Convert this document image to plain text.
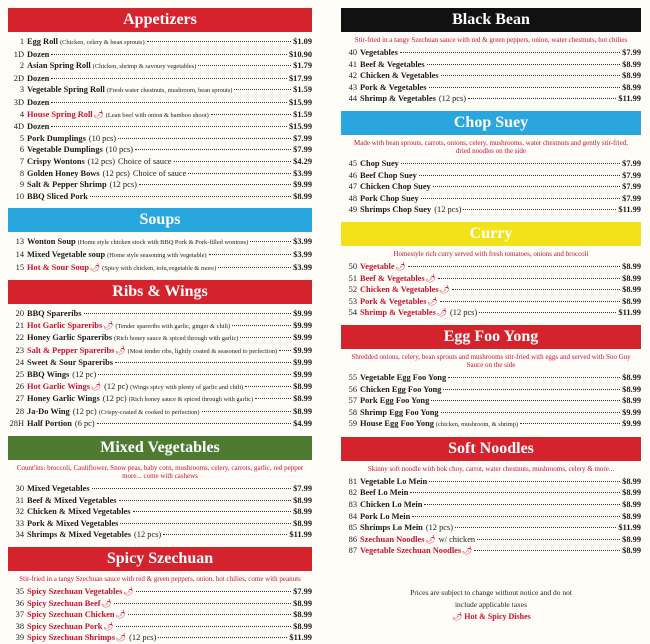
Appetizers
1 Egg Roll (Chicken, celery & bean sprouts)	$1.09
1D Dozen	$10.90
2 Asian Spring Roll (Chicken, shrimp & savoury vegetables)	$1.79
2D Dozen	$17.99
3 Vegetable Spring Roll (Fresh water chestnuts, mushroom, bean sprouts)	$1.59
3D Dozen	$15.99
4 House Spring Roll 🌶 (Lean beef with onion & bamboo shoot)	$1.59
4D Dozen	$15.99
5 Pork Dumplings (10 pcs)	$7.99
6 Vegetable Dumplings (10 pcs)	$7.99
7 Crispy Wontons (12 pcs) Choice of sauce	$4.29
8 Golden Honey Bows (12 pcs) Choice of sauce	$3.99
9 Salt & Pepper Shrimp (12 pcs)	$9.99
10 BBQ Sliced Pork	$8.99
Soups
13 Wonton Soup (Home style chicken stock with BBQ Pork & Pork-filled wontons)	$3.99
14 Mixed Vegetable soup (Home style seasoning with vegetable)	$3.99
15 Hot & Sour Soup 🌶 (Spicy with chicken, tofu,vegetable & more)	$3.99
Ribs & Wings
20 BBQ Spareribs	$9.99
21 Hot Garlic Spareribs 🌶 (Tender spareribs with garlic, ginger & chili)	$9.99
22 Honey Garlic Spareribs (Rich honey sauce & spiced through with garlic)	$9.99
23 Salt & Pepper Spareribs 🌶 (Most tender ribs, lightly coated & seasoned to perfection) $9.99
24 Sweet & Sour Spareribs	$9.99
25 BBQ Wings (12 pc)	$9.99
26 Hot Garlic Wings 🌶 (12 pc) (Wings spicy with plenty of garlic and chili)	$8.99
27 Honey Garlic Wings (12 pc) (Rich honey sauce & spiced through with garlic)	$8.99
28 Ja-Do Wing (12 pc) (Crispy-coated & cooked to perfection)	$8.99
28H Half Portion (6 pc)	$4.99
Mixed Vegetables
Count'ins: broccoli, Cauliflower, Snow peas, baby corn, mushrooms, celery, carrots, garlic, red pepper more... come with cashews
30 Mixed Vegetables	$7.99
31 Beef & Mixed Vegetables	$8.99
32 Chicken & Mixed Vegetables	$8.99
33 Pork & Mixed Vegetables	$8.99
34 Shrimps & Mixed Vegetables (12 pcs)	$11.99
Spicy Szechuan
Stir-fried in a tangy Szechuan sauce with red & green peppers, onion, hot chilies, come with peanuts
35 Spicy Szechuan Vegetables 🌶	$7.99
36 Spicy Szechuan Beef 🌶	$8.99
37 Spicy Szechuan Chicken 🌶	$8.99
38 Spicy Szechuan Pork 🌶	$8.99
39 Spicy Szechuan Shrimps 🌶 (12 pcs)	$11.99
Black Bean
Stir-fried in a tangy Szechuan sauce with red & green peppers, onion, water chestnuts, hot chilies
40 Vegetables	$7.99
41 Beef & Vegetables	$8.99
42 Chicken & Vegetables	$8.99
43 Pork & Vegetables	$8.99
44 Shrimp & Vegetables (12 pcs)	$11.99
Chop Suey
Made with bean sprouts, carrots, onions, celery, mushrooms, water chestnuts and gently stir-fried, dried noodles on the side
45 Chop Suey	$7.99
46 Beef Chop Suey	$7.99
47 Chicken Chop Suey	$7.99
48 Pork Chop Suey	$7.99
49 Shrimps Chop Suey (12 pcs)	$11.99
Curry
Homestyle rich curry served with fresh tomatoes, onions and broccoli
50 Vegetable 🌶	$8.99
51 Beef & Vegetables 🌶	$8.99
52 Chicken & Vegetables 🌶	$8.99
53 Pork & Vegetables 🌶	$8.99
54 Shrimp & Vegetables 🌶 (12 pcs)	$11.99
Egg Foo Yong
Shredded onions, celery, bean sprouts and mushrooms stir-fried with eggs and served with Soo Guy Sauce on the side
55 Vegetable Egg Foo Yong	$8.99
56 Chicken Egg Foo Yong	$8.99
57 Pork Egg Foo Yong	$8.99
58 Shrimp Egg Foo Yong	$9.99
59 House Egg Foo Yong (chicken, mushroom, & shrimp)	$9.99
Soft Noodles
Skinny soft noodle with bok choy, carrot, water chestnuts, mushrooms, celery & more...
81 Vegetable Lo Mein	$8.99
82 Beef Lo Mein	$8.99
83 Chicken Lo Mein	$8.99
84 Pork Lo Mein	$8.99
85 Shrimps Lo Mein (12 pcs)	$11.99
86 Szechuan Noodles 🌶 w/ chicken	$8.99
87 Vegetable Szechuan Noodles 🌶	$8.99
Prices are subject to change without notice and do not
include applicable taxes
🌶 Hot & Spicy Dishes
